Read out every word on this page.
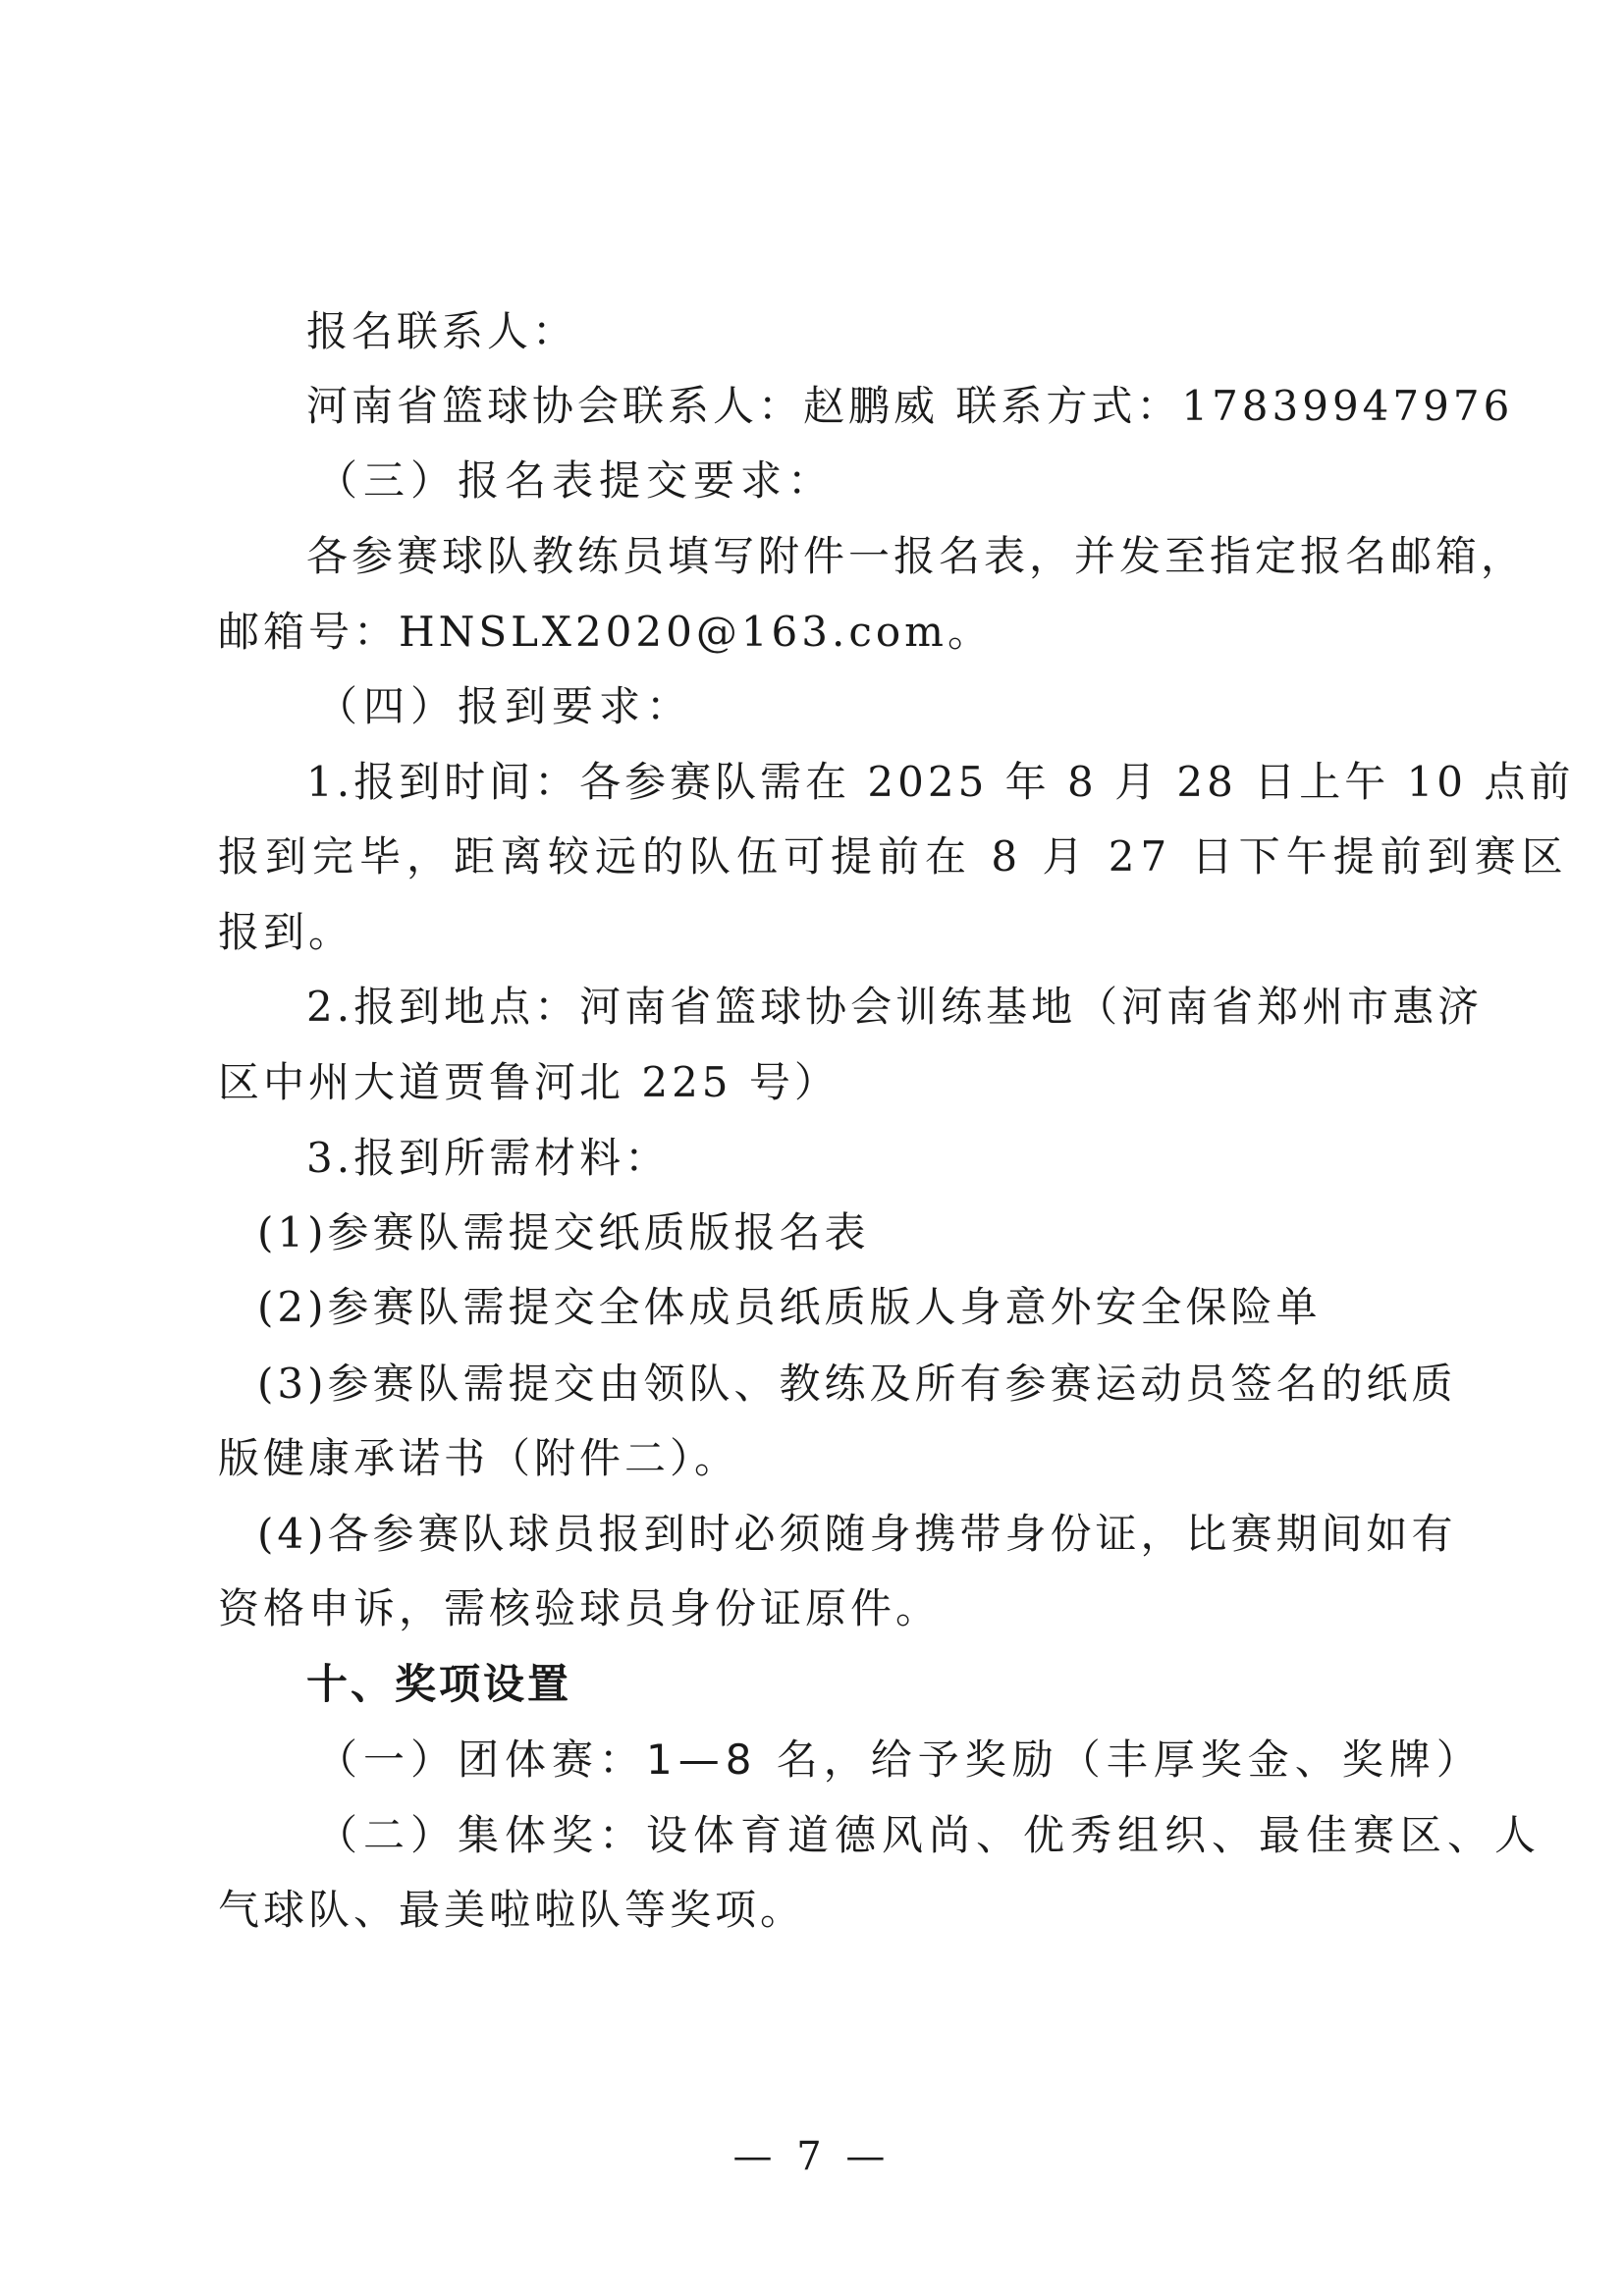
报名联系人：
河南省篮球协会联系人：赵鹏威 联系方式：17839947976
（三）报名表提交要求：
各参赛球队教练员填写附件一报名表，并发至指定报名邮箱，
邮箱号：HNSLX2020@163.com。
（四）报到要求：
1.报到时间：各参赛队需在 2025 年 8 月 28 日上午 10 点前
报到完毕，距离较远的队伍可提前在 8 月 27 日下午提前到赛区
报到。
2.报到地点：河南省篮球协会训练基地（河南省郑州市惠济
区中州大道贾鲁河北 225 号）
3.报到所需材料：
(1)参赛队需提交纸质版报名表
(2)参赛队需提交全体成员纸质版人身意外安全保险单
(3)参赛队需提交由领队、教练及所有参赛运动员签名的纸质
版健康承诺书（附件二）。
(4)各参赛队球员报到时必须随身携带身份证，比赛期间如有
资格申诉，需核验球员身份证原件。
十、奖项设置
（一）团体赛：1—8 名，给予奖励（丰厚奖金、奖牌）
（二）集体奖：设体育道德风尚、优秀组织、最佳赛区、人
气球队、最美啦啦队等奖项。
— 7 —
